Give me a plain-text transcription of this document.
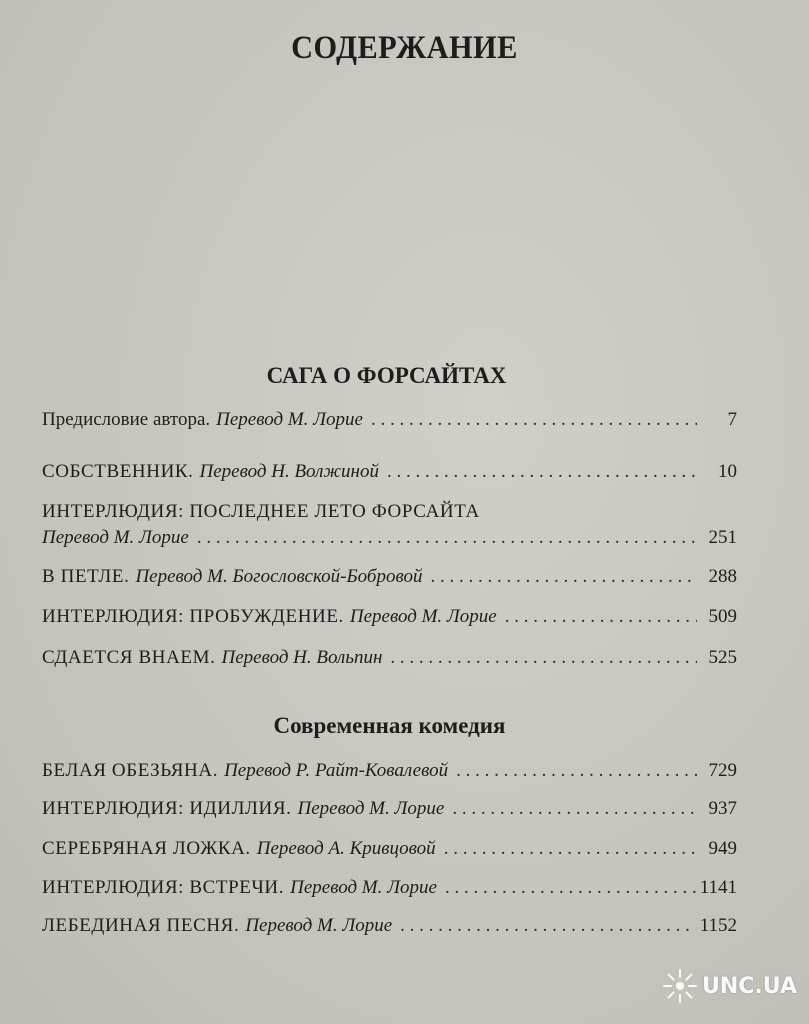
СОДЕРЖАНИЕ
САГА О ФОРСАЙТАХ
Предисловие автора. Перевод М. Лорие . . .	7
СОБСТВЕННИК. Перевод Н. Волжиной . . .	10
ИНТЕРЛЮДИЯ: ПОСЛЕДНЕЕ ЛЕТО ФОРСАЙТА
Перевод М. Лорие . . .	251
В ПЕТЛЕ. Перевод М. Богословской-Бобровой . . .	288
ИНТЕРЛЮДИЯ: ПРОБУЖДЕНИЕ. Перевод М. Лорие . . .	509
СДАЕТСЯ ВНАЕМ. Перевод Н. Вольпин . . .	525
Современная комедия
БЕЛАЯ ОБЕЗЬЯНА. Перевод Р. Райт-Ковалевой . . .	729
ИНТЕРЛЮДИЯ: ИДИЛЛИЯ. Перевод М. Лорие . . .	937
СЕРЕБРЯНАЯ ЛОЖКА. Перевод А. Кривцовой . . .	949
ИНТЕРЛЮДИЯ: ВСТРЕЧИ. Перевод М. Лорие . . .	1141
ЛЕБЕДИНАЯ ПЕСНЯ. Перевод М. Лорие . . .	1152
UNC.UA
